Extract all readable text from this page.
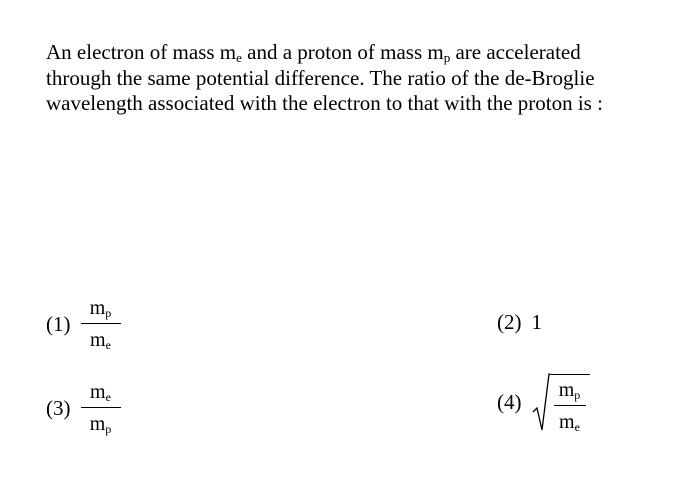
An electron of mass $m_e$ and a proton of mass $m_p$ are accelerated through the same potential difference. The ratio of the de-Broglie wavelength associated with the electron to that with the proton is :
$(1) \frac{m_p}{m_e}$	(2) 1
$(3) \frac{m_e}{m_p}$	$(4) \frac{m_p}{m_e}$
